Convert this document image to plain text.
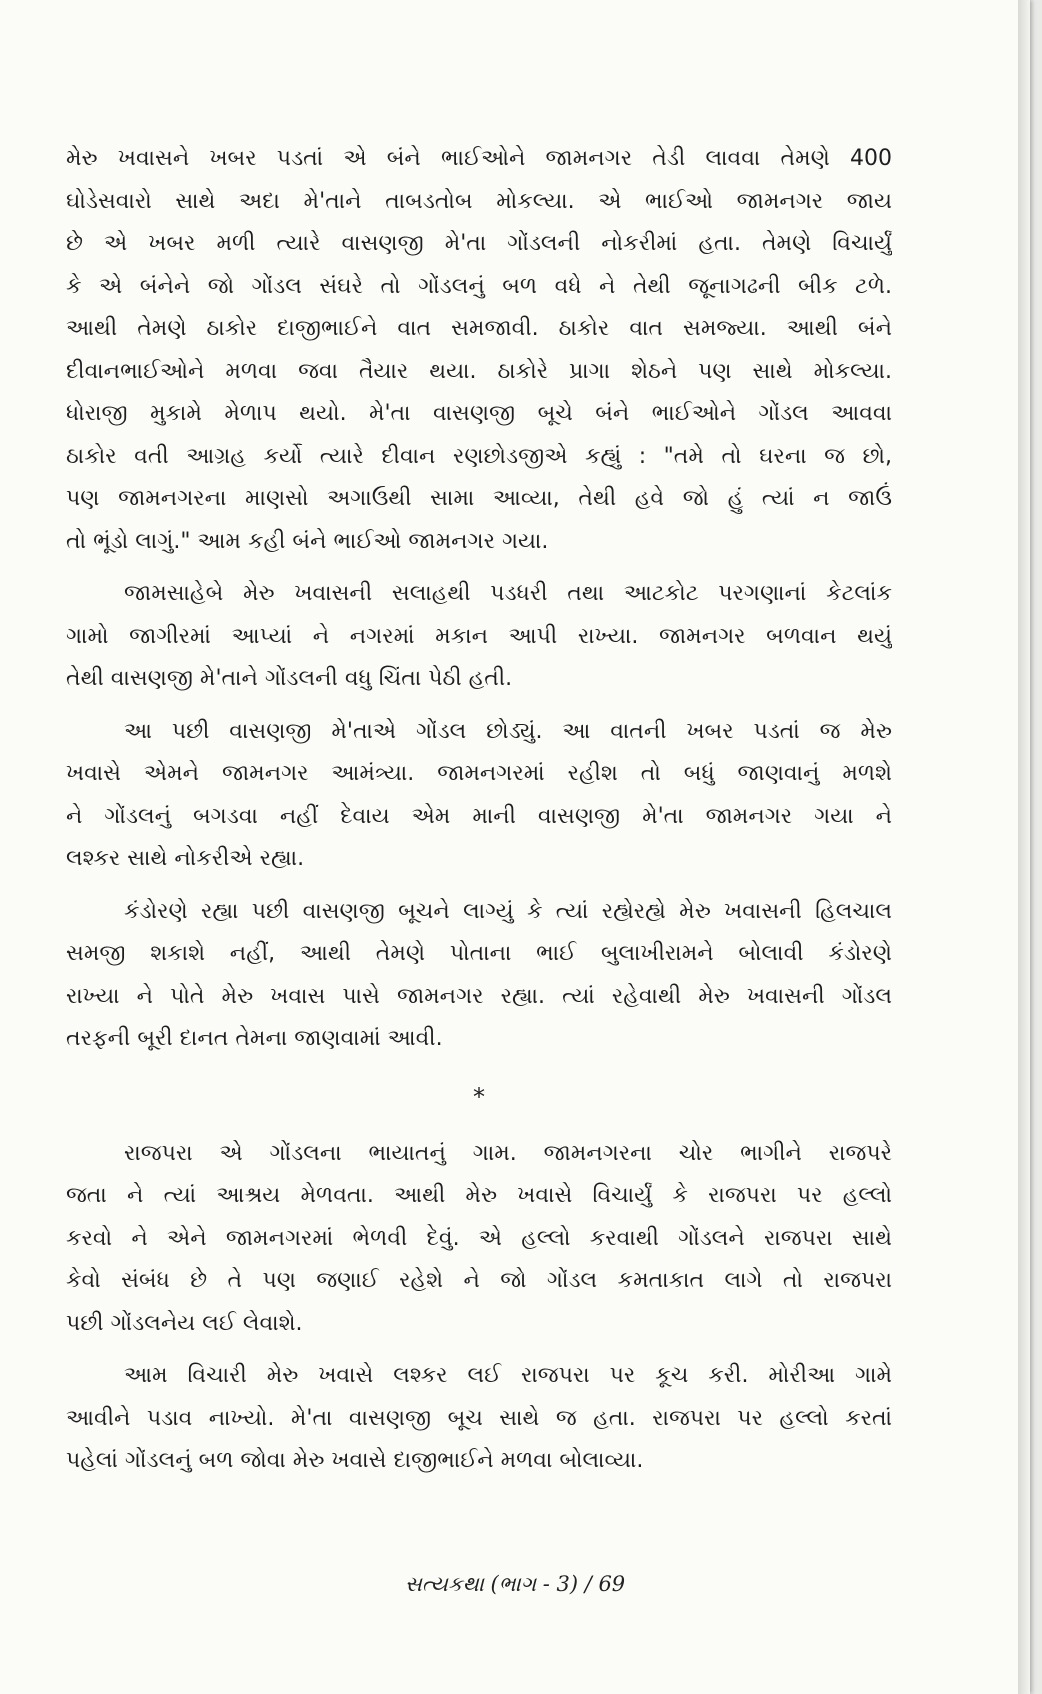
મેરુ ખવાસને ખબર પડતાં એ બંને ભાઈઓને જામનગર તેડી લાવવા તેમણે 400
ઘોડેસવારો સાથે અદા મે'તાને તાબડતોબ મોકલ્યા. એ ભાઈઓ જામનગર જાય
છે એ ખબર મળી ત્યારે વાસણજી મે'તા ગોંડલની નોકરીમાં હતા. તેમણે વિચાર્યું
કે એ બંનેને જો ગોંડલ સંઘરે તો ગોંડલનું બળ વધે ને તેથી જૂનાગઢની બીક ટળે.
આથી તેમણે ઠાકોર દાજીભાઈને વાત સમજાવી. ઠાકોર વાત સમજ્યા. આથી બંને
દીવાનભાઈઓને મળવા જવા તૈયાર થયા. ઠાકોરે પ્રાગા શેઠને પણ સાથે મોકલ્યા.
ધોરાજી મુકામે મેળાપ થયો. મે'તા વાસણજી બૂચે બંને ભાઈઓને ગોંડલ આવવા
ઠાકોર વતી આગ્રહ કર્યો ત્યારે દીવાન રણછોડજીએ કહ્યું : "તમે તો ઘરના જ છો,
પણ જામનગરના માણસો અગાઉથી સામા આવ્યા, તેથી હવે જો હું ત્યાં ન જાઉં
તો ભૂંડો લાગું." આમ કહી બંને ભાઈઓ જામનગર ગયા.
જામસાહેબે મેરુ ખવાસની સલાહથી પડધરી તથા આટકોટ પરગણાનાં કેટલાંક
ગામો જાગીરમાં આપ્યાં ને નગરમાં મકાન આપી રાખ્યા. જામનગર બળવાન થયું
તેથી વાસણજી મે'તાને ગોંડલની વધુ ચિંતા પેઠી હતી.
આ પછી વાસણજી મે'તાએ ગોંડલ છોડ્યું. આ વાતની ખબર પડતાં જ મેરુ
ખવાસે એમને જામનગર આમંત્ર્યા. જામનગરમાં રહીશ તો બધું જાણવાનું મળશે
ને ગોંડલનું બગડવા નહીં દેવાય એમ માની વાસણજી મે'તા જામનગર ગયા ને
લશ્કર સાથે નોકરીએ રહ્યા.
કંડોરણે રહ્યા પછી વાસણજી બૂચને લાગ્યું કે ત્યાં રહ્યેરહ્યે મેરુ ખવાસની હિલચાલ
સમજી શકાશે નહીં, આથી તેમણે પોતાના ભાઈ બુલાખીરામને બોલાવી કંડોરણે
રાખ્યા ને પોતે મેરુ ખવાસ પાસે જામનગર રહ્યા. ત્યાં રહેવાથી મેરુ ખવાસની ગોંડલ
તરફની બૂરી દાનત તેમના જાણવામાં આવી.
*
રાજપરા એ ગોંડલના ભાયાતનું ગામ. જામનગરના ચોર ભાગીને રાજપરે
જતા ને ત્યાં આશ્રય મેળવતા. આથી મેરુ ખવાસે વિચાર્યું કે રાજપરા પર હલ્લો
કરવો ને એને જામનગરમાં ભેળવી દેવું. એ હલ્લો કરવાથી ગોંડલને રાજપરા સાથે
કેવો સંબંધ છે તે પણ જણાઈ રહેશે ને જો ગોંડલ કમતાકાત લાગે તો રાજપરા
પછી ગોંડલનેય લઈ લેવાશે.
આમ વિચારી મેરુ ખવાસે લશ્કર લઈ રાજપરા પર કૂચ કરી. મોરીઆ ગામે
આવીને પડાવ નાખ્યો. મે'તા વાસણજી બૂચ સાથે જ હતા. રાજપરા પર હલ્લો કરતાં
પહેલાં ગોંડલનું બળ જોવા મેરુ ખવાસે દાજીભાઈને મળવા બોલાવ્યા.
સત્યકથા (ભાગ - 3) / 69
